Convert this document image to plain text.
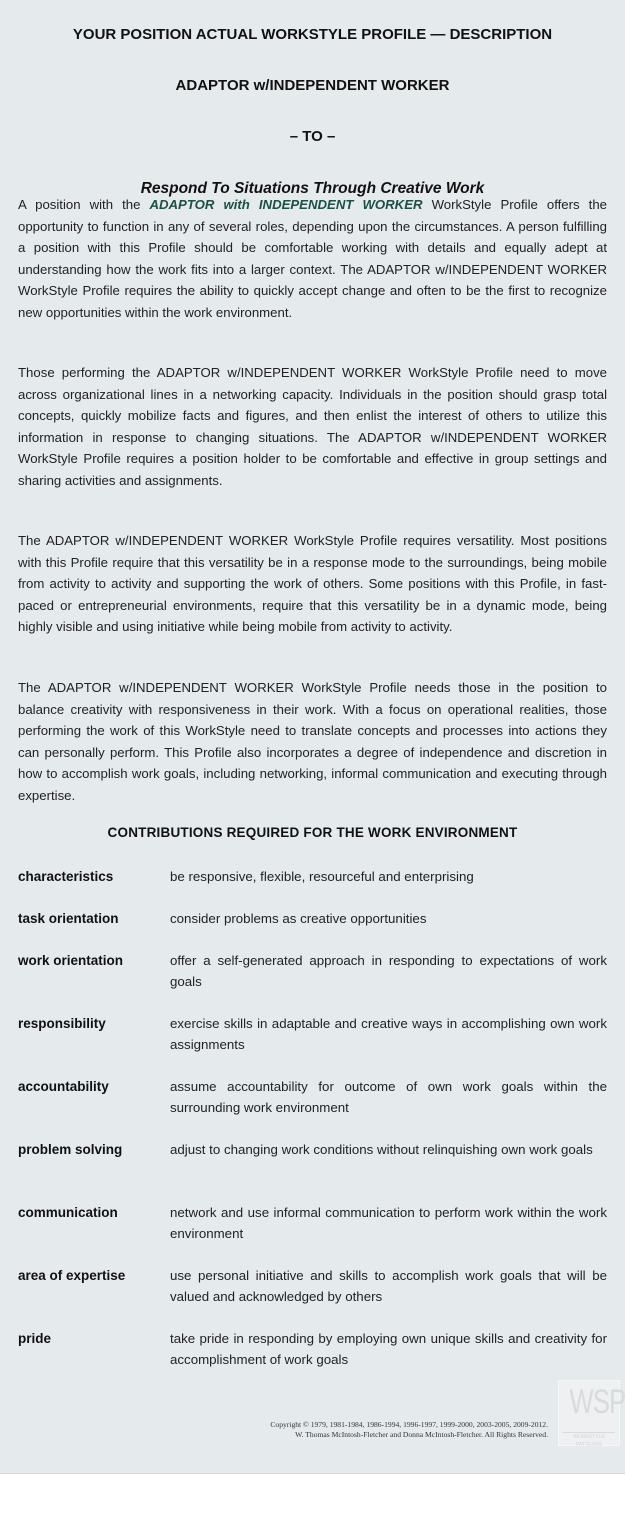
YOUR POSITION ACTUAL WORKSTYLE PROFILE — DESCRIPTION
ADAPTOR w/INDEPENDENT WORKER
– TO –
Respond To Situations Through Creative Work

A position with the ADAPTOR with INDEPENDENT WORKER WorkStyle Profile offers the opportunity to function in any of several roles, depending upon the circumstances. A person fulfilling a position with this Profile should be comfortable working with details and equally adept at understanding how the work fits into a larger context. The ADAPTOR w/INDEPENDENT WORKER WorkStyle Profile requires the ability to quickly accept change and often to be the first to recognize new opportunities within the work environment.

Those performing the ADAPTOR w/INDEPENDENT WORKER WorkStyle Profile need to move across organizational lines in a networking capacity. Individuals in the position should grasp total concepts, quickly mobilize facts and figures, and then enlist the interest of others to utilize this information in response to changing situations. The ADAPTOR w/INDEPENDENT WORKER WorkStyle Profile requires a position holder to be comfortable and effective in group settings and sharing activities and assignments.

The ADAPTOR w/INDEPENDENT WORKER WorkStyle Profile requires versatility. Most positions with this Profile require that this versatility be in a response mode to the surroundings, being mobile from activity to activity and supporting the work of others. Some positions with this Profile, in fast-paced or entrepreneurial environments, require that this versatility be in a dynamic mode, being highly visible and using initiative while being mobile from activity to activity.

The ADAPTOR w/INDEPENDENT WORKER WorkStyle Profile needs those in the position to balance creativity with responsiveness in their work. With a focus on operational realities, those performing the work of this WorkStyle need to translate concepts and processes into actions they can personally perform. This Profile also incorporates a degree of independence and discretion in how to accomplish work goals, including networking, informal communication and executing through expertise.

CONTRIBUTIONS REQUIRED FOR THE WORK ENVIRONMENT
characteristics	be responsive, flexible, resourceful and enterprising
task orientation	consider problems as creative opportunities
work orientation	offer a self-generated approach in responding to expectations of work goals
responsibility	exercise skills in adaptable and creative ways in accomplishing own work assignments
accountability	assume accountability for outcome of own work goals within the surrounding work environment
problem solving	adjust to changing work conditions without relinquishing own work goals
communication	network and use informal communication to perform work within the work environment
area of expertise	use personal initiative and skills to accomplish work goals that will be valued and acknowledged by others
pride	take pride in responding by employing own unique skills and creativity for accomplishment of work goals
Copyright © 1979, 1981-1984, 1986-1994, 1996-1997, 1999-2000, 2003-2005, 2009-2012.
W. Thomas McIntosh-Fletcher and Donna McIntosh-Fletcher. All Rights Reserved.
WSP
WORKSTYLE PATTERNS
